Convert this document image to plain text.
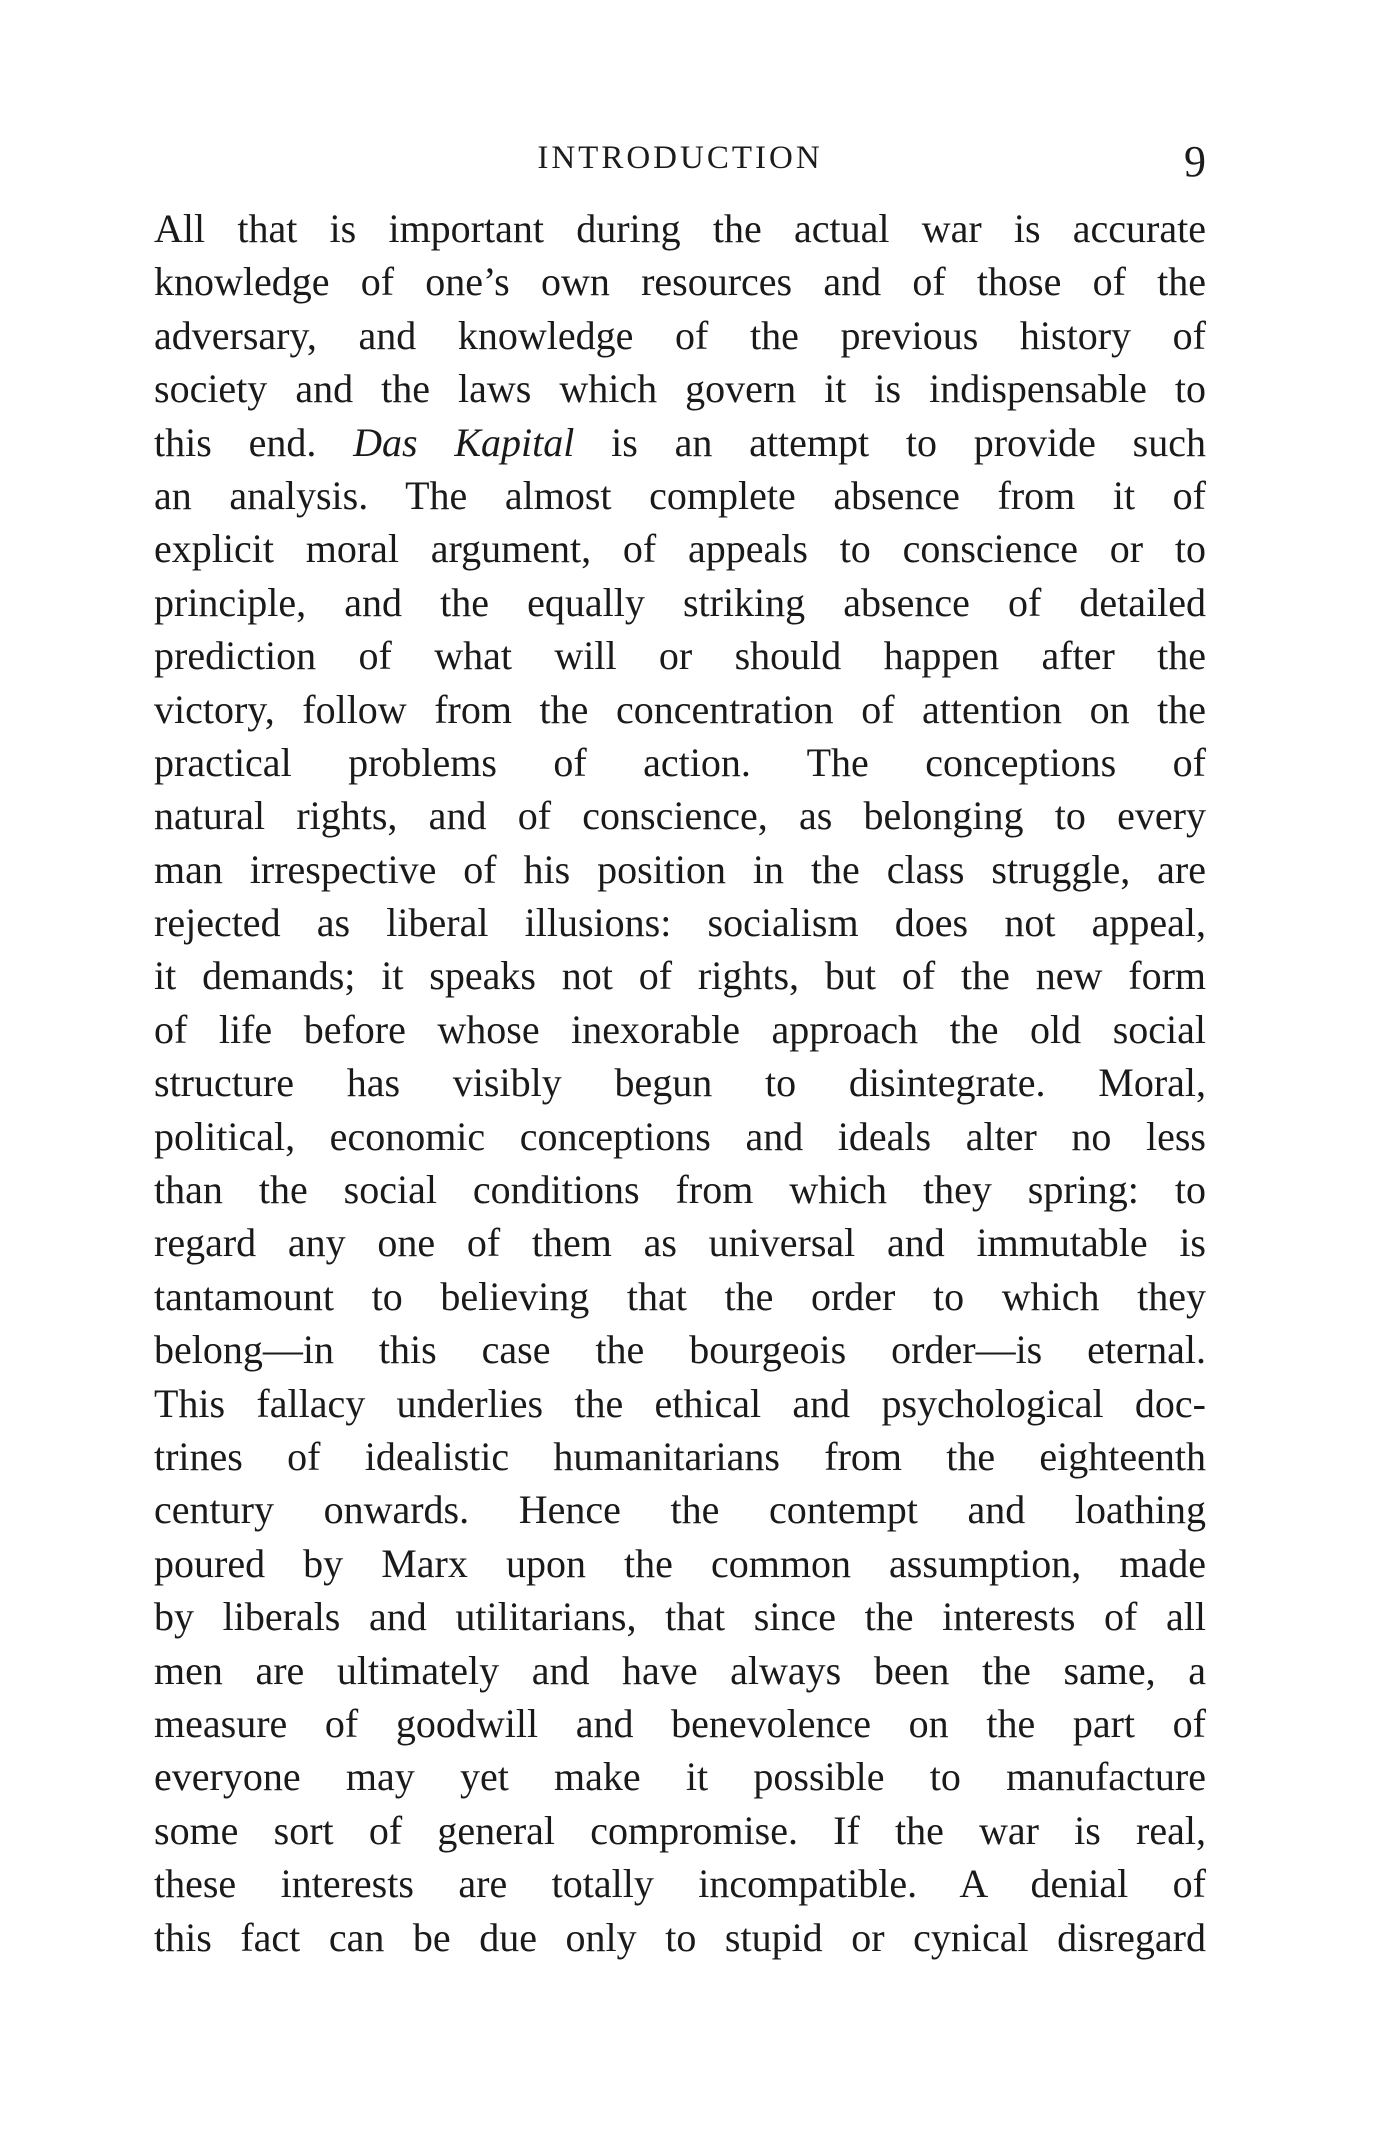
INTRODUCTION	9
All that is important during the actual war is accurate
knowledge of one’s own resources and of those of the
adversary, and knowledge of the previous history of
society and the laws which govern it is indispensable to
this end. Das Kapital is an attempt to provide such
an analysis. The almost complete absence from it of
explicit moral argument, of appeals to conscience or to
principle, and the equally striking absence of detailed
prediction of what will or should happen after the
victory, follow from the concentration of attention on the
practical problems of action. The conceptions of
natural rights, and of conscience, as belonging to every
man irrespective of his position in the class struggle, are
rejected as liberal illusions: socialism does not appeal,
it demands; it speaks not of rights, but of the new form
of life before whose inexorable approach the old social
structure has visibly begun to disintegrate. Moral,
political, economic conceptions and ideals alter no less
than the social conditions from which they spring: to
regard any one of them as universal and immutable is
tantamount to believing that the order to which they
belong—in this case the bourgeois order—is eternal.
This fallacy underlies the ethical and psychological doc-
trines of idealistic humanitarians from the eighteenth
century onwards. Hence the contempt and loathing
poured by Marx upon the common assumption, made
by liberals and utilitarians, that since the interests of all
men are ultimately and have always been the same, a
measure of goodwill and benevolence on the part of
everyone may yet make it possible to manufacture
some sort of general compromise. If the war is real,
these interests are totally incompatible. A denial of
this fact can be due only to stupid or cynical disregard
